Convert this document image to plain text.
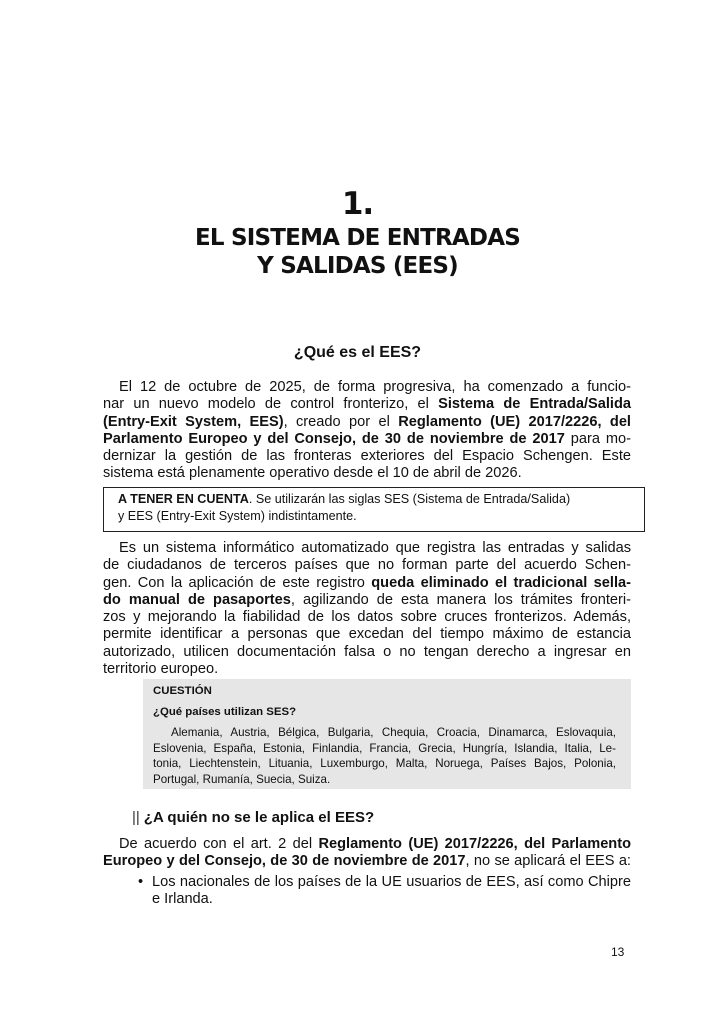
1.
EL SISTEMA DE ENTRADAS
Y SALIDAS (EES)
¿Qué es el EES?
El 12 de octubre de 2025, de forma progresiva, ha comenzado a funcio-
nar un nuevo modelo de control fronterizo, el Sistema de Entrada/Salida
(Entry-Exit System, EES), creado por el Reglamento (UE) 2017/2226, del
Parlamento Europeo y del Consejo, de 30 de noviembre de 2017 para mo-
dernizar la gestión de las fronteras exteriores del Espacio Schengen. Este
sistema está plenamente operativo desde el 10 de abril de 2026.
A TENER EN CUENTA. Se utilizarán las siglas SES (Sistema de Entrada/Salida)
y EES (Entry-Exit System) indistintamente.
Es un sistema informático automatizado que registra las entradas y salidas
de ciudadanos de terceros países que no forman parte del acuerdo Schen-
gen. Con la aplicación de este registro queda eliminado el tradicional sella-
do manual de pasaportes, agilizando de esta manera los trámites fronteri-
zos y mejorando la fiabilidad de los datos sobre cruces fronterizos. Además,
permite identificar a personas que excedan del tiempo máximo de estancia
autorizado, utilicen documentación falsa o no tengan derecho a ingresar en
territorio europeo.
CUESTIÓN
¿Qué países utilizan SES?
Alemania, Austria, Bélgica, Bulgaria, Chequia, Croacia, Dinamarca, Eslovaquia,
Eslovenia, España, Estonia, Finlandia, Francia, Grecia, Hungría, Islandia, Italia, Le-
tonia, Liechtenstein, Lituania, Luxemburgo, Malta, Noruega, Países Bajos, Polonia,
Portugal, Rumanía, Suecia, Suiza.
|| ¿A quién no se le aplica el EES?
De acuerdo con el art. 2 del Reglamento (UE) 2017/2226, del Parlamento
Europeo y del Consejo, de 30 de noviembre de 2017, no se aplicará el EES a:
• Los nacionales de los países de la UE usuarios de EES, así como Chipre
e Irlanda.
13
